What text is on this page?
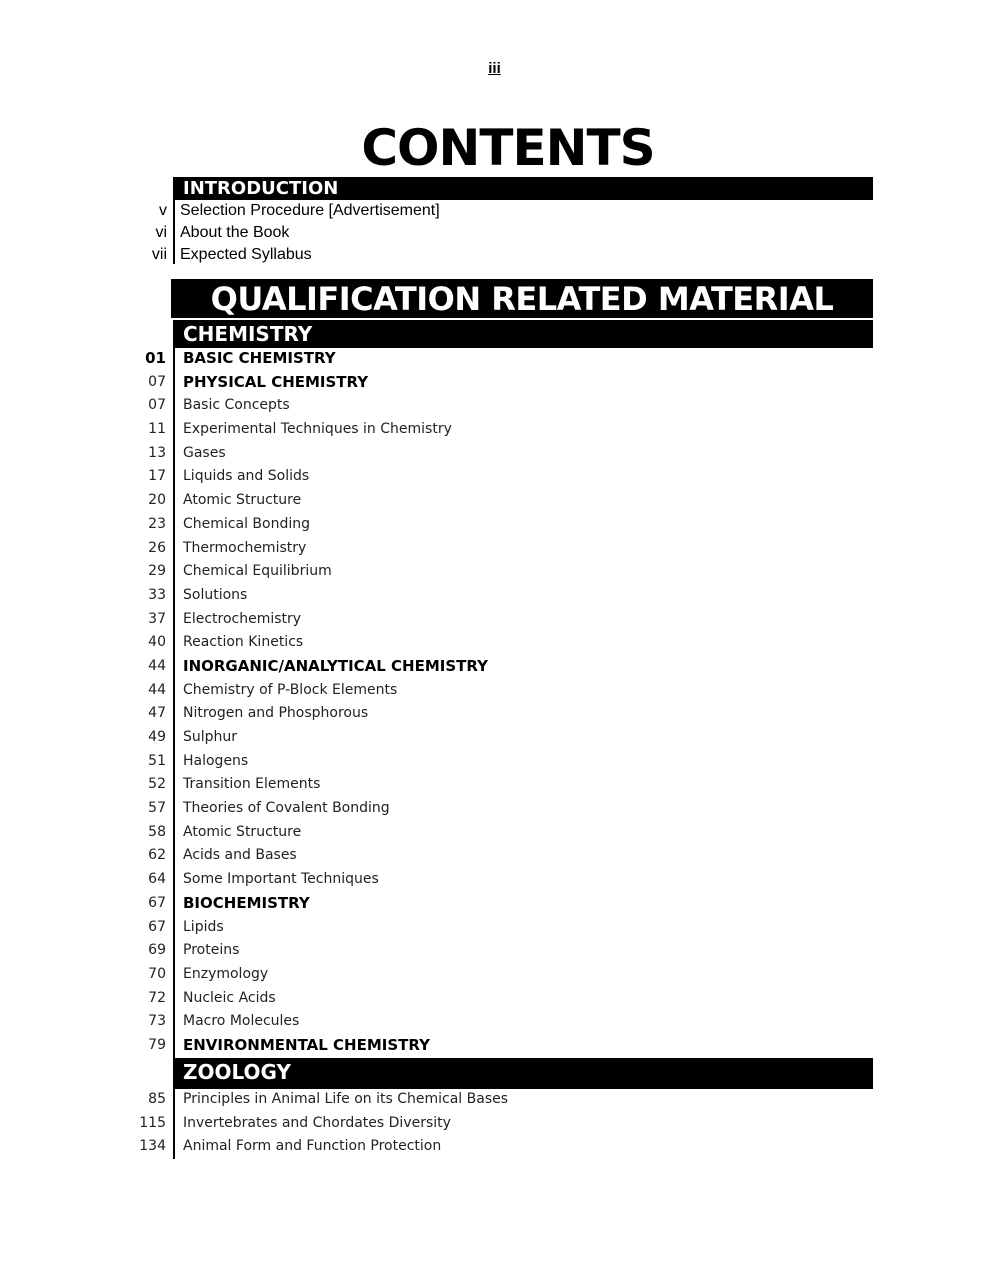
iii
CONTENTS
INTRODUCTION
v Selection Procedure [Advertisement]
vi About the Book
vii Expected Syllabus
QUALIFICATION RELATED MATERIAL
CHEMISTRY
01 BASIC CHEMISTRY
07 PHYSICAL CHEMISTRY
07 Basic Concepts
11 Experimental Techniques in Chemistry
13 Gases
17 Liquids and Solids
20 Atomic Structure
23 Chemical Bonding
26 Thermochemistry
29 Chemical Equilibrium
33 Solutions
37 Electrochemistry
40 Reaction Kinetics
44 INORGANIC/ANALYTICAL CHEMISTRY
44 Chemistry of P-Block Elements
47 Nitrogen and Phosphorous
49 Sulphur
51 Halogens
52 Transition Elements
57 Theories of Covalent Bonding
58 Atomic Structure
62 Acids and Bases
64 Some Important Techniques
67 BIOCHEMISTRY
67 Lipids
69 Proteins
70 Enzymology
72 Nucleic Acids
73 Macro Molecules
79 ENVIRONMENTAL CHEMISTRY
ZOOLOGY
85 Principles in Animal Life on its Chemical Bases
115 Invertebrates and Chordates Diversity
134 Animal Form and Function Protection
